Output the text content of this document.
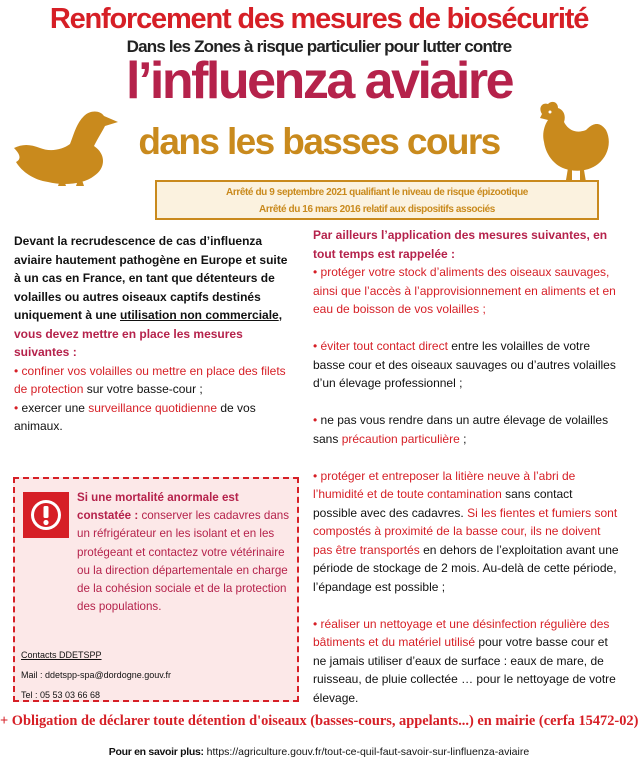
Renforcement des mesures de biosécurité
Dans les Zones à risque particulier pour lutter contre
l’influenza aviaire
dans les basses cours
Arrêté du 9 septembre 2021 qualifiant le niveau de risque épizootique
Arrêté du 16 mars 2016 relatif aux dispositifs associés

Devant la recrudescence de cas d’influenza aviaire hautement pathogène en Europe et suite à un cas en France, en tant que détenteurs de volailles ou autres oiseaux captifs destinés uniquement à une utilisation non commerciale, vous devez mettre en place les mesures suivantes :

• confiner vos volailles ou mettre en place des filets de protection sur votre basse-cour ;

• exercer une surveillance quotidienne de vos animaux.

Si une mortalité anormale est constatée : conserver les cadavres dans un réfrigérateur en les isolant et en les protégeant et contactez votre vétérinaire ou la direction départementale en charge de la cohésion sociale et de la protection des populations.
Contacts DDETSPP
Mail : ddetspp-spa@dordogne.gouv.fr
Tel : 05 53 03 66 68

Par ailleurs l’application des mesures suivantes, en tout temps est rappelée :

• protéger votre stock d’aliments des oiseaux sauvages, ainsi que l’accès à l’approvisionnement en aliments et en eau de boisson de vos volailles ;

• éviter tout contact direct entre les volailles de votre basse cour et des oiseaux sauvages ou d’autres volailles d’un élevage professionnel ;

• ne pas vous rendre dans un autre élevage de volailles sans précaution particulière ;

• protéger et entreposer la litière neuve à l’abri de l’humidité et de toute contamination sans contact possible avec des cadavres. Si les fientes et fumiers sont compostés à proximité de la basse cour, ils ne doivent pas être transportés en dehors de l’exploitation avant une période de stockage de 2 mois. Au-delà de cette période, l’épandage est possible ;

• réaliser un nettoyage et une désinfection régulière des bâtiments et du matériel utilisé pour votre basse cour et ne jamais utiliser d’eaux de surface : eaux de mare, de ruisseau, de pluie collectée … pour le nettoyage de votre élevage.

+ Obligation de déclarer toute détention d'oiseaux (basses-cours, appelants...) en mairie (cerfa 15472-02)
Pour en savoir plus: https://agriculture.gouv.fr/tout-ce-quil-faut-savoir-sur-linfluenza-aviaire
